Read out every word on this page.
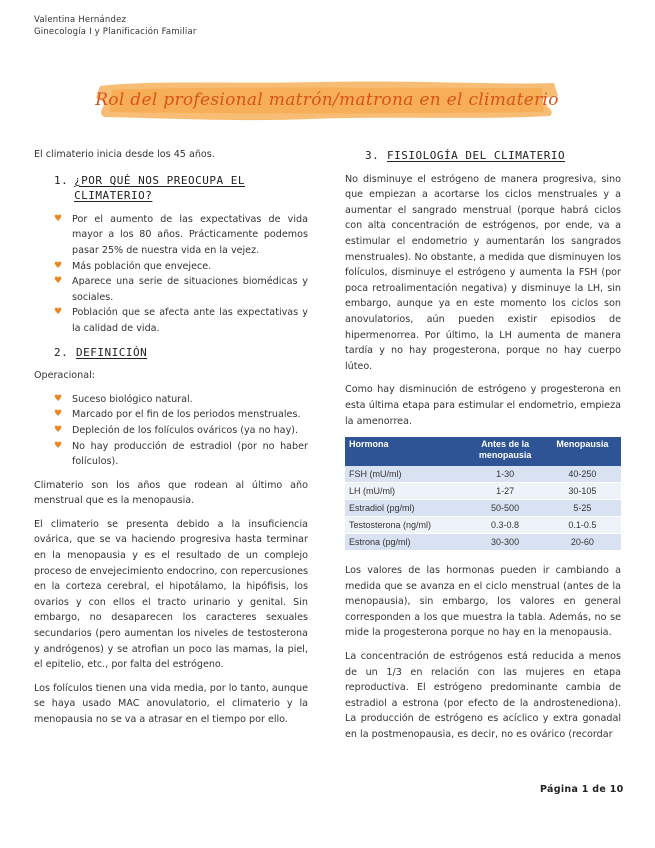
Valentina Hernández
Ginecología I y Planificación Familiar
Rol del profesional matrón/matrona en el climaterio

El climaterio inicia desde los 45 años.

1. ¿POR QUÉ NOS PREOCUPA EL CLIMATERIO?
♥ Por el aumento de las expectativas de vida mayor a los 80 años. Prácticamente podemos pasar 25% de nuestra vida en la vejez.
♥ Más población que envejece.
♥ Aparece una serie de situaciones biomédicas y sociales.
♥ Población que se afecta ante las expectativas y la calidad de vida.
2. DEFINICIÓN

Operacional:

♥ Suceso biológico natural.
♥ Marcado por el fin de los periodos menstruales.
♥ Depleción de los folículos ováricos (ya no hay).
♥ No hay producción de estradiol (por no haber folículos).

Climaterio son los años que rodean al último año menstrual que es la menopausia.

El climaterio se presenta debido a la insuficiencia ovárica, que se va haciendo progresiva hasta terminar en la menopausia y es el resultado de un complejo proceso de envejecimiento endocrino, con repercusiones en la corteza cerebral, el hipotálamo, la hipófisis, los ovarios y con ellos el tracto urinario y genital. Sin embargo, no desaparecen los caracteres sexuales secundarios (pero aumentan los niveles de testosterona y andrógenos) y se atrofian un poco las mamas, la piel, el epitelio, etc., por falta del estrógeno.

Los folículos tienen una vida media, por lo tanto, aunque se haya usado MAC anovulatorio, el climaterio y la menopausia no se va a atrasar en el tiempo por ello.

3. FISIOLOGÍA DEL CLIMATERIO

No disminuye el estrógeno de manera progresiva, sino que empiezan a acortarse los ciclos menstruales y a aumentar el sangrado menstrual (porque habrá ciclos con alta concentración de estrógenos, por ende, va a estimular el endometrio y aumentarán los sangrados menstruales). No obstante, a medida que disminuyen los folículos, disminuye el estrógeno y aumenta la FSH (por poca retroalimentación negativa) y disminuye la LH, sin embargo, aunque ya en este momento los ciclos son anovulatorios, aún pueden existir episodios de hipermenorrea. Por último, la LH aumenta de manera tardía y no hay progesterona, porque no hay cuerpo lúteo.

Como hay disminución de estrógeno y progesterona en esta última etapa para estimular el endometrio, empieza la amenorrea.

Hormona	Antes de la menopausia	Menopausia
FSH (mU/ml)	1-30	40-250
LH (mU/ml)	1-27	30-105
Estradiol (pg/ml)	50-500	5-25
Testosterona (ng/ml)	0.3-0.8	0.1-0.5
Estrona (pg/ml)	30-300	20-60

Los valores de las hormonas pueden ir cambiando a medida que se avanza en el ciclo menstrual (antes de la menopausia), sin embargo, los valores en general corresponden a los que muestra la tabla. Además, no se mide la progesterona porque no hay en la menopausia.

La concentración de estrógenos está reducida a menos de un 1/3 en relación con las mujeres en etapa reproductiva. El estrógeno predominante cambia de estradiol a estrona (por efecto de la androstenediona). La producción de estrógeno es acíclico y extra gonadal en la postmenopausia, es decir, no es ovárico (recordar

Página 1 de 10
